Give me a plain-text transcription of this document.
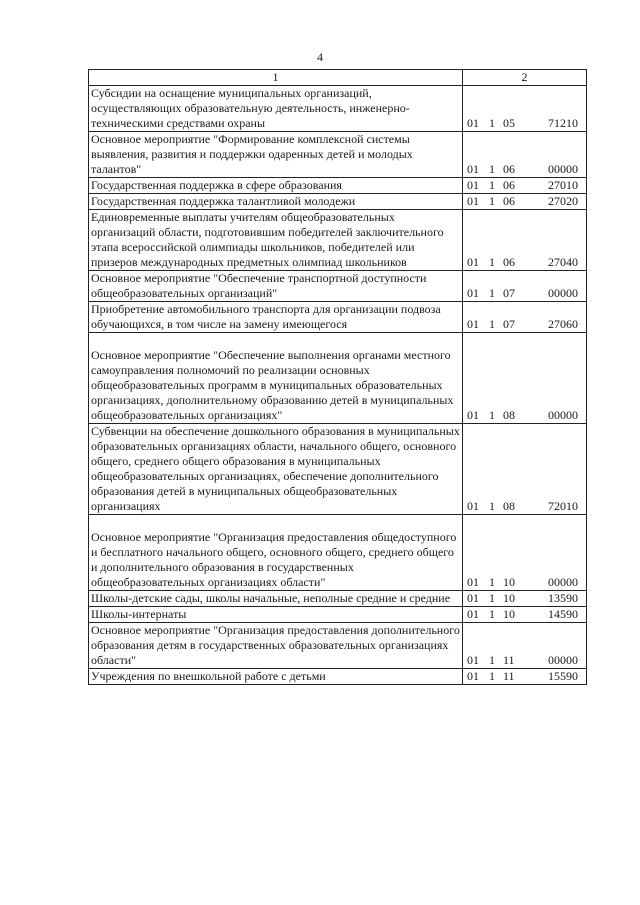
4
1	2
Субсидии на оснащение муниципальных организаций, осуществляющих образовательную деятельность, инженерно-техническими средствами охраны	01 1 05 71210
Основное мероприятие "Формирование комплексной системы выявления, развития и поддержки одаренных детей и молодых талантов"	01 1 06 00000
Государственная поддержка в сфере образования	01 1 06 27010
Государственная поддержка талантливой молодежи	01 1 06 27020
Единовременные выплаты учителям общеобразовательных организаций области, подготовившим победителей заключительного этапа всероссийской олимпиады школьников, победителей или призеров международных предметных олимпиад школьников	01 1 06 27040
Основное мероприятие "Обеспечение транспортной доступности общеобразовательных организаций"	01 1 07 00000
Приобретение автомобильного транспорта для организации подвоза обучающихся, в том числе на замену имеющегося	01 1 07 27060

Основное мероприятие "Обеспечение выполнения органами местного самоуправления полномочий по реализации основных общеобразовательных программ в муниципальных образовательных организациях, дополнительному образованию детей в муниципальных общеобразовательных организациях"	01 1 08 00000
Субвенции на обеспечение дошкольного образования в муниципальных образовательных организациях области, начального общего, основного общего, среднего общего образования в муниципальных общеобразовательных организациях, обеспечение дополнительного образования детей в муниципальных общеобразовательных организациях	01 1 08 72010

Основное мероприятие "Организация предоставления общедоступного и бесплатного начального общего, основного общего, среднего общего и дополнительного образования в государственных общеобразовательных организациях области"	01 1 10 00000
Школы-детские сады, школы начальные, неполные средние и средние	01 1 10 13590
Школы-интернаты	01 1 10 14590
Основное мероприятие "Организация предоставления дополнительного образования детям в государственных образовательных организациях области"	01 1 11 00000
Учреждения по внешкольной работе с детьми	01 1 11 15590
